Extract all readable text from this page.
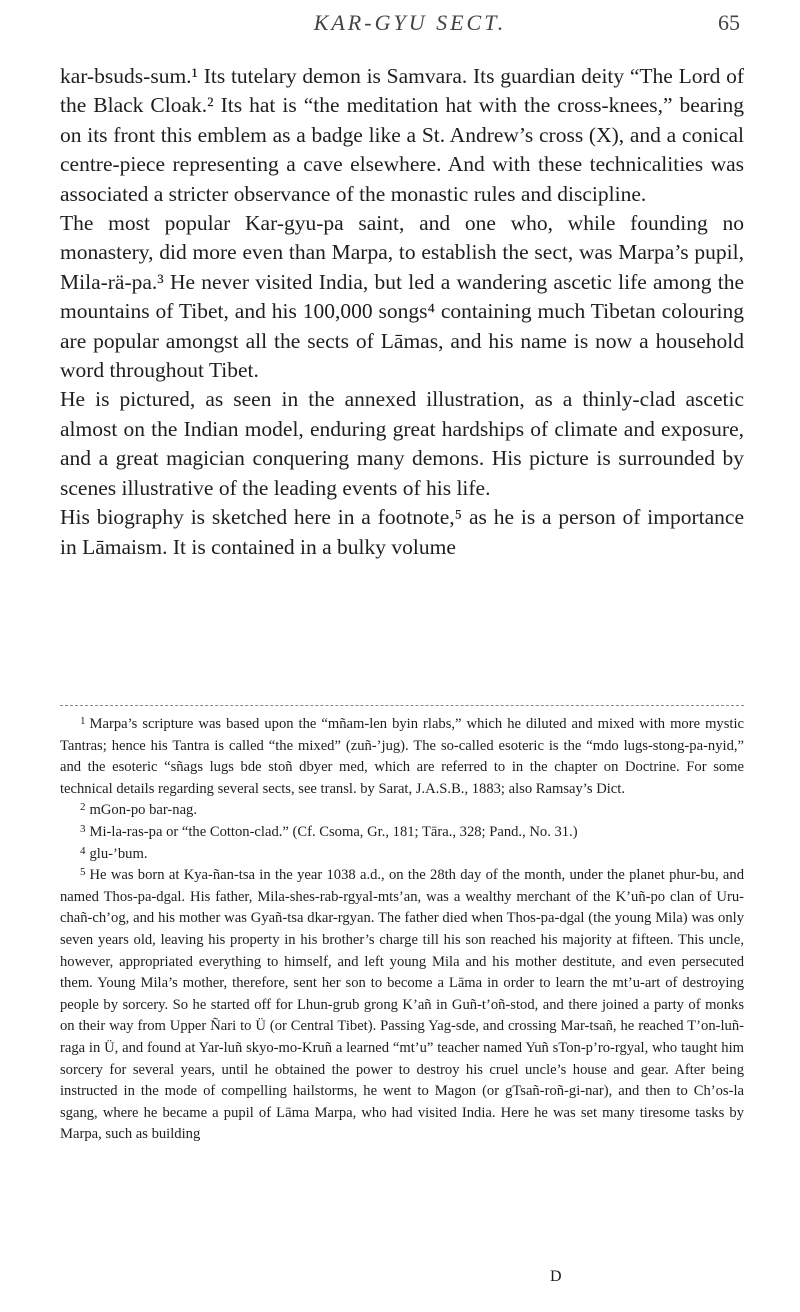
KAR-GYU SECT.	65

kar-bsuds-sum.¹ Its tutelary demon is Samvara. Its guardian deity “The Lord of the Black Cloak.² Its hat is “the meditation hat with the cross-knees,” bearing on its front this emblem as a badge like a St. Andrew’s cross (X), and a conical centre-piece representing a cave elsewhere. And with these technicalities was associated a stricter observance of the monastic rules and discipline.

The most popular Kar-gyu-pa saint, and one who, while founding no monastery, did more even than Marpa, to establish the sect, was Marpa’s pupil, Mila-rä-pa.³ He never visited India, but led a wandering ascetic life among the mountains of Tibet, and his 100,000 songs⁴ containing much Tibetan colouring are popular amongst all the sects of Lāmas, and his name is now a household word throughout Tibet.

He is pictured, as seen in the annexed illustration, as a thinly-clad ascetic almost on the Indian model, enduring great hardships of climate and exposure, and a great magician conquering many demons. His picture is surrounded by scenes illustrative of the leading events of his life.

His biography is sketched here in a footnote,⁵ as he is a person of importance in Lāmaism. It is contained in a bulky volume

$^1$ Marpa’s scripture was based upon the “mñam-len byin rlabs,” which he diluted and mixed with more mystic Tantras; hence his Tantra is called “the mixed” (zuñ-’jug). The so-called esoteric is the “mdo lugs-stong-pa-nyid,” and the esoteric “sñags lugs bde stoñ dbyer med, which are referred to in the chapter on Doctrine. For some technical details regarding several sects, see transl. by Sarat, J.A.S.B., 1883; also Ramsay’s Dict.

$^2$ mGon-po bar-nag.

$^3$ Mi-la-ras-pa or “the Cotton-clad.” (Cf. Csoma, Gr., 181; Tāra., 328; Pand., No. 31.)

$^4$ glu-’bum.

$^5$ He was born at Kya-ñan-tsa in the year 1038 a.d., on the 28th day of the month, under the planet phur-bu, and named Thos-pa-dgal. His father, Mila-shes-rab-rgyal-mts’an, was a wealthy merchant of the K’uñ-po clan of Uru-chañ-ch’og, and his mother was Gyañ-tsa dkar-rgyan. The father died when Thos-pa-dgal (the young Mila) was only seven years old, leaving his property in his brother’s charge till his son reached his majority at fifteen. This uncle, however, appropriated everything to himself, and left young Mila and his mother destitute, and even persecuted them. Young Mila’s mother, therefore, sent her son to become a Lāma in order to learn the mt’u-art of destroying people by sorcery. So he started off for Lhun-grub grong K’añ in Guñ-t’oñ-stod, and there joined a party of monks on their way from Upper Ñari to Ü (or Central Tibet). Passing Yag-sde, and crossing Mar-tsañ, he reached T’on-luñ-raga in Ü, and found at Yar-luñ skyo-mo-Kruñ a learned “mt’u” teacher named Yuñ sTon-p’ro-rgyal, who taught him sorcery for several years, until he obtained the power to destroy his cruel uncle’s house and gear. After being instructed in the mode of compelling hailstorms, he went to Magon (or gTsañ-roñ-gi-nar), and then to Ch’os-la sgang, where he became a pupil of Lāma Marpa, who had visited India. Here he was set many tiresome tasks by Marpa, such as building

D
